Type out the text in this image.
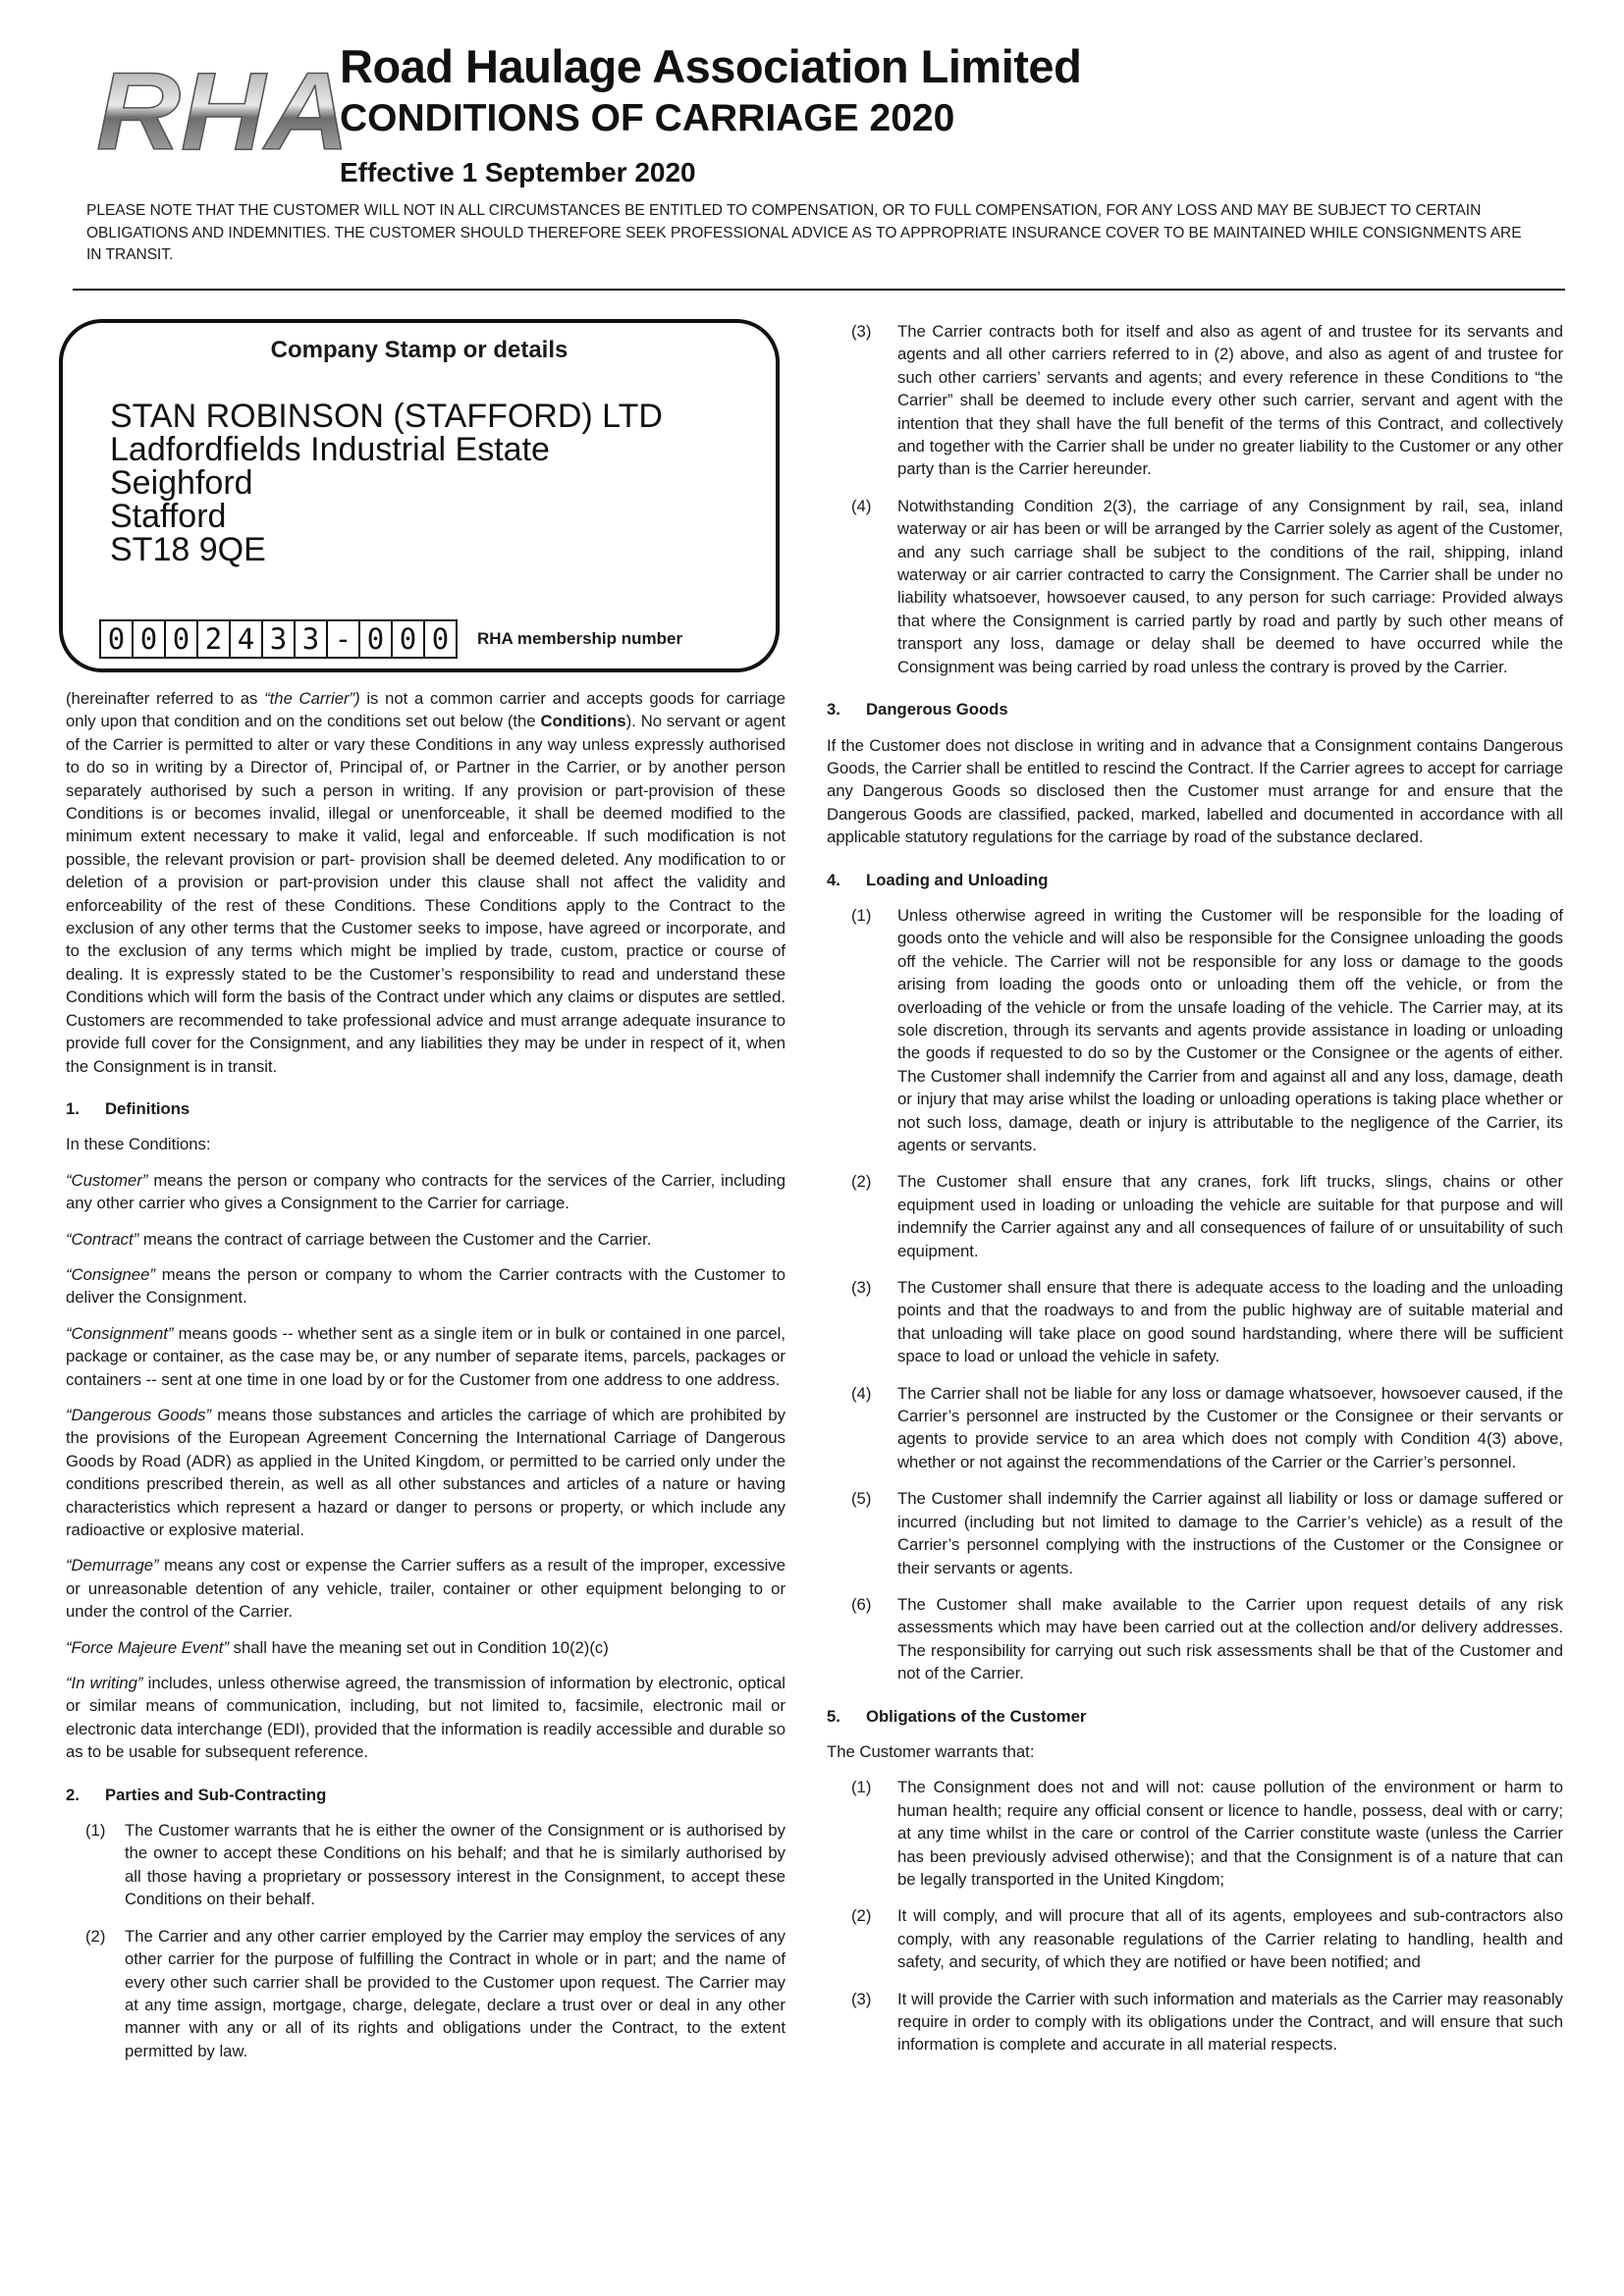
RHA
Road Haulage Association Limited
CONDITIONS OF CARRIAGE 2020
Effective 1 September 2020
PLEASE NOTE THAT THE CUSTOMER WILL NOT IN ALL CIRCUMSTANCES BE ENTITLED TO COMPENSATION, OR TO FULL COMPENSATION, FOR ANY LOSS AND MAY BE SUBJECT TO CERTAIN OBLIGATIONS AND INDEMNITIES. THE CUSTOMER SHOULD THEREFORE SEEK PROFESSIONAL ADVICE AS TO APPROPRIATE INSURANCE COVER TO BE MAINTAINED WHILE CONSIGNMENTS ARE IN TRANSIT.
Company Stamp or details
STAN ROBINSON (STAFFORD) LTD
Ladfordfields Industrial Estate
Seighford
Stafford
ST18 9QE
0 0 0 2 4 3 3 - 0 0 0	RHA membership number

(hereinafter referred to as “the Carrier”) is not a common carrier and accepts goods for carriage only upon that condition and on the conditions set out below (the Conditions). No servant or agent of the Carrier is permitted to alter or vary these Conditions in any way unless expressly authorised to do so in writing by a Director of, Principal of, or Partner in the Carrier, or by another person separately authorised by such a person in writing. If any provision or part-provision of these Conditions is or becomes invalid, illegal or unenforceable, it shall be deemed modified to the minimum extent necessary to make it valid, legal and enforceable. If such modification is not possible, the relevant provision or part- provision shall be deemed deleted. Any modification to or deletion of a provision or part-provision under this clause shall not affect the validity and enforceability of the rest of these Conditions. These Conditions apply to the Contract to the exclusion of any other terms that the Customer seeks to impose, have agreed or incorporate, and to the exclusion of any terms which might be implied by trade, custom, practice or course of dealing. It is expressly stated to be the Customer’s responsibility to read and understand these Conditions which will form the basis of the Contract under which any claims or disputes are settled. Customers are recommended to take professional advice and must arrange adequate insurance to provide full cover for the Consignment, and any liabilities they may be under in respect of it, when the Consignment is in transit.

1. Definitions

In these Conditions:

“Customer” means the person or company who contracts for the services of the Carrier, including any other carrier who gives a Consignment to the Carrier for carriage.

“Contract” means the contract of carriage between the Customer and the Carrier.

“Consignee” means the person or company to whom the Carrier contracts with the Customer to deliver the Consignment.

“Consignment” means goods -- whether sent as a single item or in bulk or contained in one parcel, package or container, as the case may be, or any number of separate items, parcels, packages or containers -- sent at one time in one load by or for the Customer from one address to one address.

“Dangerous Goods” means those substances and articles the carriage of which are prohibited by the provisions of the European Agreement Concerning the International Carriage of Dangerous Goods by Road (ADR) as applied in the United Kingdom, or permitted to be carried only under the conditions prescribed therein, as well as all other substances and articles of a nature or having characteristics which represent a hazard or danger to persons or property, or which include any radioactive or explosive material.

“Demurrage” means any cost or expense the Carrier suffers as a result of the improper, excessive or unreasonable detention of any vehicle, trailer, container or other equipment belonging to or under the control of the Carrier.

“Force Majeure Event” shall have the meaning set out in Condition 10(2)(c)

“In writing” includes, unless otherwise agreed, the transmission of information by electronic, optical or similar means of communication, including, but not limited to, facsimile, electronic mail or electronic data interchange (EDI), provided that the information is readily accessible and durable so as to be usable for subsequent reference.

2. Parties and Sub-Contracting
(1) The Customer warrants that he is either the owner of the Consignment or is authorised by the owner to accept these Conditions on his behalf; and that he is similarly authorised by all those having a proprietary or possessory interest in the Consignment, to accept these Conditions on their behalf.
(2) The Carrier and any other carrier employed by the Carrier may employ the services of any other carrier for the purpose of fulfilling the Contract in whole or in part; and the name of every other such carrier shall be provided to the Customer upon request. The Carrier may at any time assign, mortgage, charge, delegate, declare a trust over or deal in any other manner with any or all of its rights and obligations under the Contract, to the extent permitted by law.
(3) The Carrier contracts both for itself and also as agent of and trustee for its servants and agents and all other carriers referred to in (2) above, and also as agent of and trustee for such other carriers’ servants and agents; and every reference in these Conditions to “the Carrier” shall be deemed to include every other such carrier, servant and agent with the intention that they shall have the full benefit of the terms of this Contract, and collectively and together with the Carrier shall be under no greater liability to the Customer or any other party than is the Carrier hereunder.
(4) Notwithstanding Condition 2(3), the carriage of any Consignment by rail, sea, inland waterway or air has been or will be arranged by the Carrier solely as agent of the Customer, and any such carriage shall be subject to the conditions of the rail, shipping, inland waterway or air carrier contracted to carry the Consignment. The Carrier shall be under no liability whatsoever, howsoever caused, to any person for such carriage: Provided always that where the Consignment is carried partly by road and partly by such other means of transport any loss, damage or delay shall be deemed to have occurred while the Consignment was being carried by road unless the contrary is proved by the Carrier.
3. Dangerous Goods

If the Customer does not disclose in writing and in advance that a Consignment contains Dangerous Goods, the Carrier shall be entitled to rescind the Contract. If the Carrier agrees to accept for carriage any Dangerous Goods so disclosed then the Customer must arrange for and ensure that the Dangerous Goods are classified, packed, marked, labelled and documented in accordance with all applicable statutory regulations for the carriage by road of the substance declared.

4. Loading and Unloading
(1) Unless otherwise agreed in writing the Customer will be responsible for the loading of goods onto the vehicle and will also be responsible for the Consignee unloading the goods off the vehicle. The Carrier will not be responsible for any loss or damage to the goods arising from loading the goods onto or unloading them off the vehicle, or from the overloading of the vehicle or from the unsafe loading of the vehicle. The Carrier may, at its sole discretion, through its servants and agents provide assistance in loading or unloading the goods if requested to do so by the Customer or the Consignee or the agents of either. The Customer shall indemnify the Carrier from and against all and any loss, damage, death or injury that may arise whilst the loading or unloading operations is taking place whether or not such loss, damage, death or injury is attributable to the negligence of the Carrier, its agents or servants.
(2) The Customer shall ensure that any cranes, fork lift trucks, slings, chains or other equipment used in loading or unloading the vehicle are suitable for that purpose and will indemnify the Carrier against any and all consequences of failure of or unsuitability of such equipment.
(3) The Customer shall ensure that there is adequate access to the loading and the unloading points and that the roadways to and from the public highway are of suitable material and that unloading will take place on good sound hardstanding, where there will be sufficient space to load or unload the vehicle in safety.
(4) The Carrier shall not be liable for any loss or damage whatsoever, howsoever caused, if the Carrier’s personnel are instructed by the Customer or the Consignee or their servants or agents to provide service to an area which does not comply with Condition 4(3) above, whether or not against the recommendations of the Carrier or the Carrier’s personnel.
(5) The Customer shall indemnify the Carrier against all liability or loss or damage suffered or incurred (including but not limited to damage to the Carrier’s vehicle) as a result of the Carrier’s personnel complying with the instructions of the Customer or the Consignee or their servants or agents.
(6) The Customer shall make available to the Carrier upon request details of any risk assessments which may have been carried out at the collection and/or delivery addresses. The responsibility for carrying out such risk assessments shall be that of the Customer and not of the Carrier.
5. Obligations of the Customer

The Customer warrants that:

(1) The Consignment does not and will not: cause pollution of the environment or harm to human health; require any official consent or licence to handle, possess, deal with or carry; at any time whilst in the care or control of the Carrier constitute waste (unless the Carrier has been previously advised otherwise); and that the Consignment is of a nature that can be legally transported in the United Kingdom;
(2) It will comply, and will procure that all of its agents, employees and sub-contractors also comply, with any reasonable regulations of the Carrier relating to handling, health and safety, and security, of which they are notified or have been notified; and
(3) It will provide the Carrier with such information and materials as the Carrier may reasonably require in order to comply with its obligations under the Contract, and will ensure that such information is complete and accurate in all material respects.
